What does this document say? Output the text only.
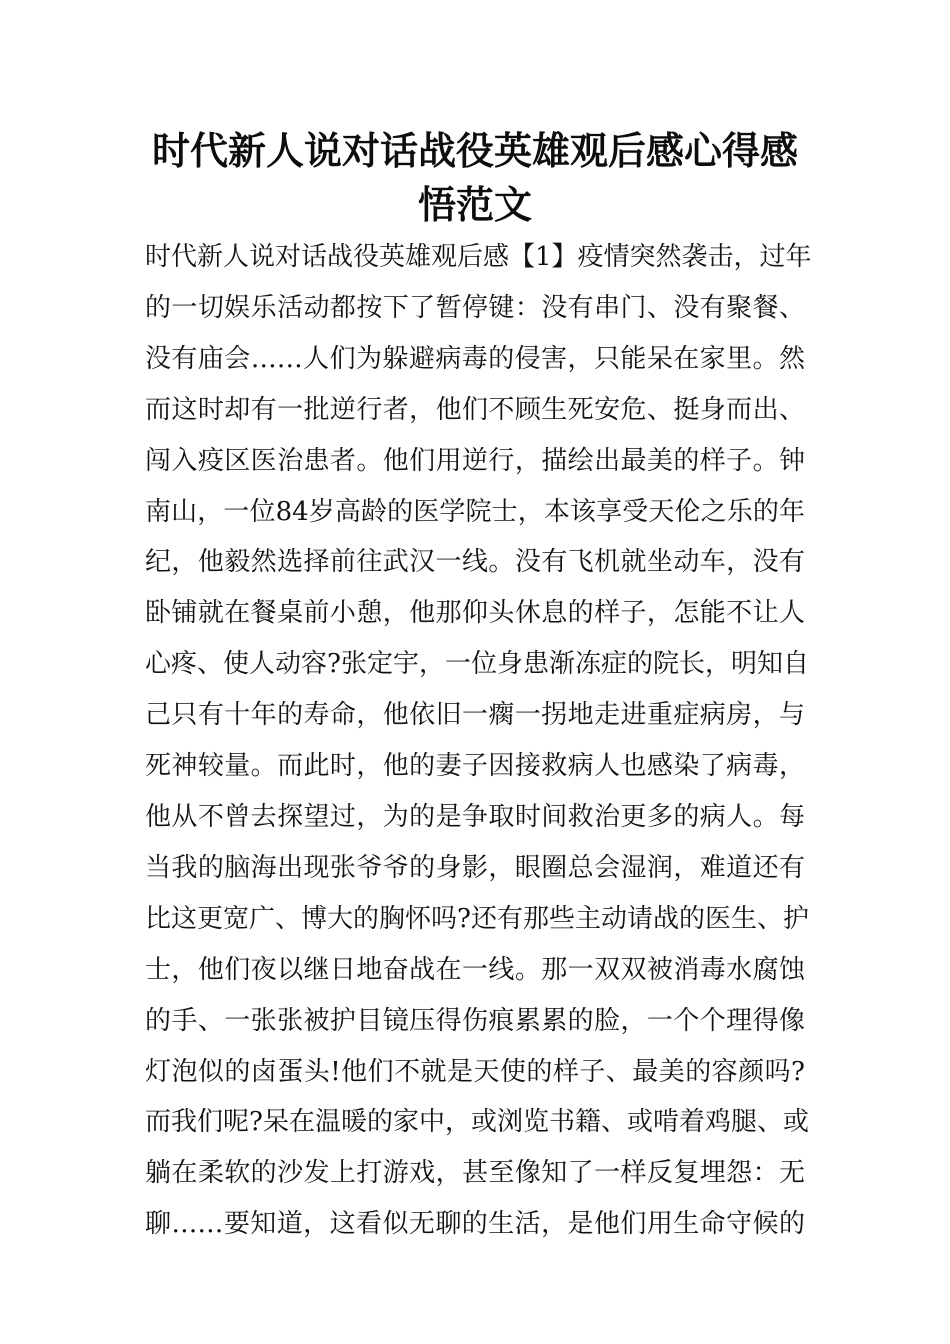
时代新人说对话战役英雄观后感心得感
悟范文
时代新人说对话战役英雄观后感【1】疫情突然袭击，过年
的一切娱乐活动都按下了暂停键：没有串门、没有聚餐、
没有庙会……人们为躲避病毒的侵害，只能呆在家里。然
而这时却有一批逆行者，他们不顾生死安危、挺身而出、
闯入疫区医治患者。他们用逆行，描绘出最美的样子。钟
南山，一位84岁高龄的医学院士，本该享受天伦之乐的年
纪，他毅然选择前往武汉一线。没有飞机就坐动车，没有
卧铺就在餐桌前小憩，他那仰头休息的样子，怎能不让人
心疼、使人动容?张定宇，一位身患渐冻症的院长，明知自
己只有十年的寿命，他依旧一瘸一拐地走进重症病房，与
死神较量。而此时，他的妻子因接救病人也感染了病毒，
他从不曾去探望过，为的是争取时间救治更多的病人。每
当我的脑海出现张爷爷的身影，眼圈总会湿润，难道还有
比这更宽广、博大的胸怀吗?还有那些主动请战的医生、护
士，他们夜以继日地奋战在一线。那一双双被消毒水腐蚀
的手、一张张被护目镜压得伤痕累累的脸，一个个理得像
灯泡似的卤蛋头!他们不就是天使的样子、最美的容颜吗?
而我们呢?呆在温暖的家中，或浏览书籍、或啃着鸡腿、或
躺在柔软的沙发上打游戏，甚至像知了一样反复埋怨：无
聊……要知道，这看似无聊的生活，是他们用生命守候的
